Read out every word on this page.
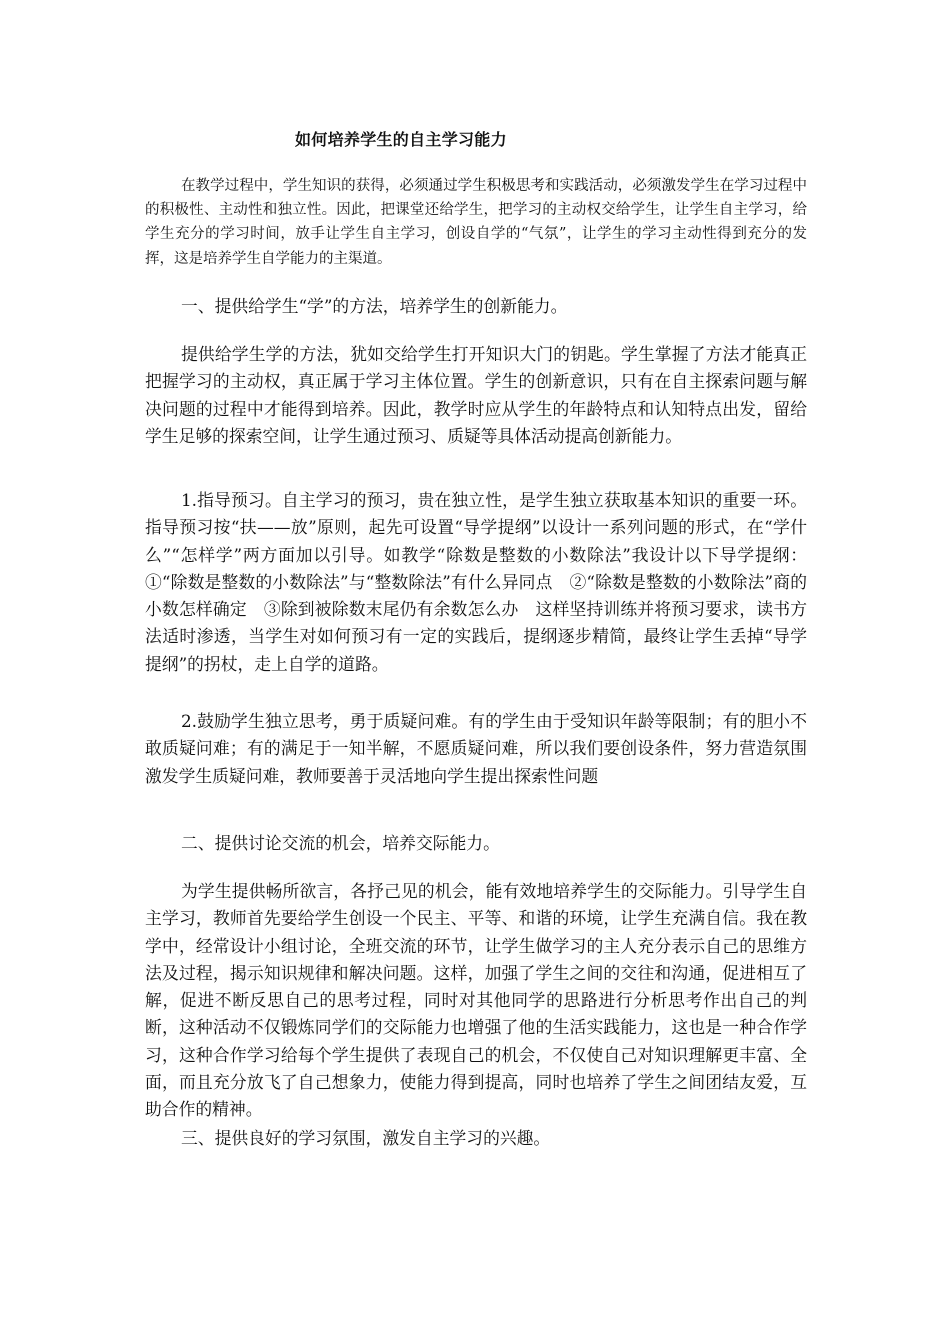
如何培养学生的自主学习能力

在教学过程中，学生知识的获得，必须通过学生积极思考和实践活动，必须激发学生在学习过程中的积极性、主动性和独立性。因此，把课堂还给学生，把学习的主动权交给学生，让学生自主学习，给学生充分的学习时间，放手让学生自主学习，创设自学的“气氛”，让学生的学习主动性得到充分的发挥，这是培养学生自学能力的主渠道。

一、提供给学生“学”的方法，培养学生的创新能力。

提供给学生学的方法，犹如交给学生打开知识大门的钥匙。学生掌握了方法才能真正把握学习的主动权，真正属于学习主体位置。学生的创新意识，只有在自主探索问题与解决问题的过程中才能得到培养。因此，教学时应从学生的年龄特点和认知特点出发，留给学生足够的探索空间，让学生通过预习、质疑等具体活动提高创新能力。

1.指导预习。自主学习的预习，贵在独立性，是学生独立获取基本知识的重要一环。指导预习按“扶——放”原则，起先可设置“导学提纲”以设计一系列问题的形式，在“学什么”“怎样学”两方面加以引导。如教学“除数是整数的小数除法”我设计以下导学提纲：①“除数是整数的小数除法”与“整数除法”有什么异同点　②“除数是整数的小数除法”商的小数怎样确定　③除到被除数末尾仍有余数怎么办　这样坚持训练并将预习要求，读书方法适时渗透，当学生对如何预习有一定的实践后，提纲逐步精简，最终让学生丢掉“导学提纲”的拐杖，走上自学的道路。

2.鼓励学生独立思考，勇于质疑问难。有的学生由于受知识年龄等限制；有的胆小不敢质疑问难；有的满足于一知半解，不愿质疑问难，所以我们要创设条件，努力营造氛围激发学生质疑问难，教师要善于灵活地向学生提出探索性问题

二、提供讨论交流的机会，培养交际能力。

为学生提供畅所欲言，各抒己见的机会，能有效地培养学生的交际能力。引导学生自主学习，教师首先要给学生创设一个民主、平等、和谐的环境，让学生充满自信。我在教学中，经常设计小组讨论，全班交流的环节，让学生做学习的主人充分表示自己的思维方法及过程，揭示知识规律和解决问题。这样，加强了学生之间的交往和沟通，促进相互了解，促进不断反思自己的思考过程，同时对其他同学的思路进行分析思考作出自己的判断，这种活动不仅锻炼同学们的交际能力也增强了他的生活实践能力，这也是一种合作学习，这种合作学习给每个学生提供了表现自己的机会，不仅使自己对知识理解更丰富、全面，而且充分放飞了自己想象力，使能力得到提高，同时也培养了学生之间团结友爱，互助合作的精神。

三、提供良好的学习氛围，激发自主学习的兴趣。
